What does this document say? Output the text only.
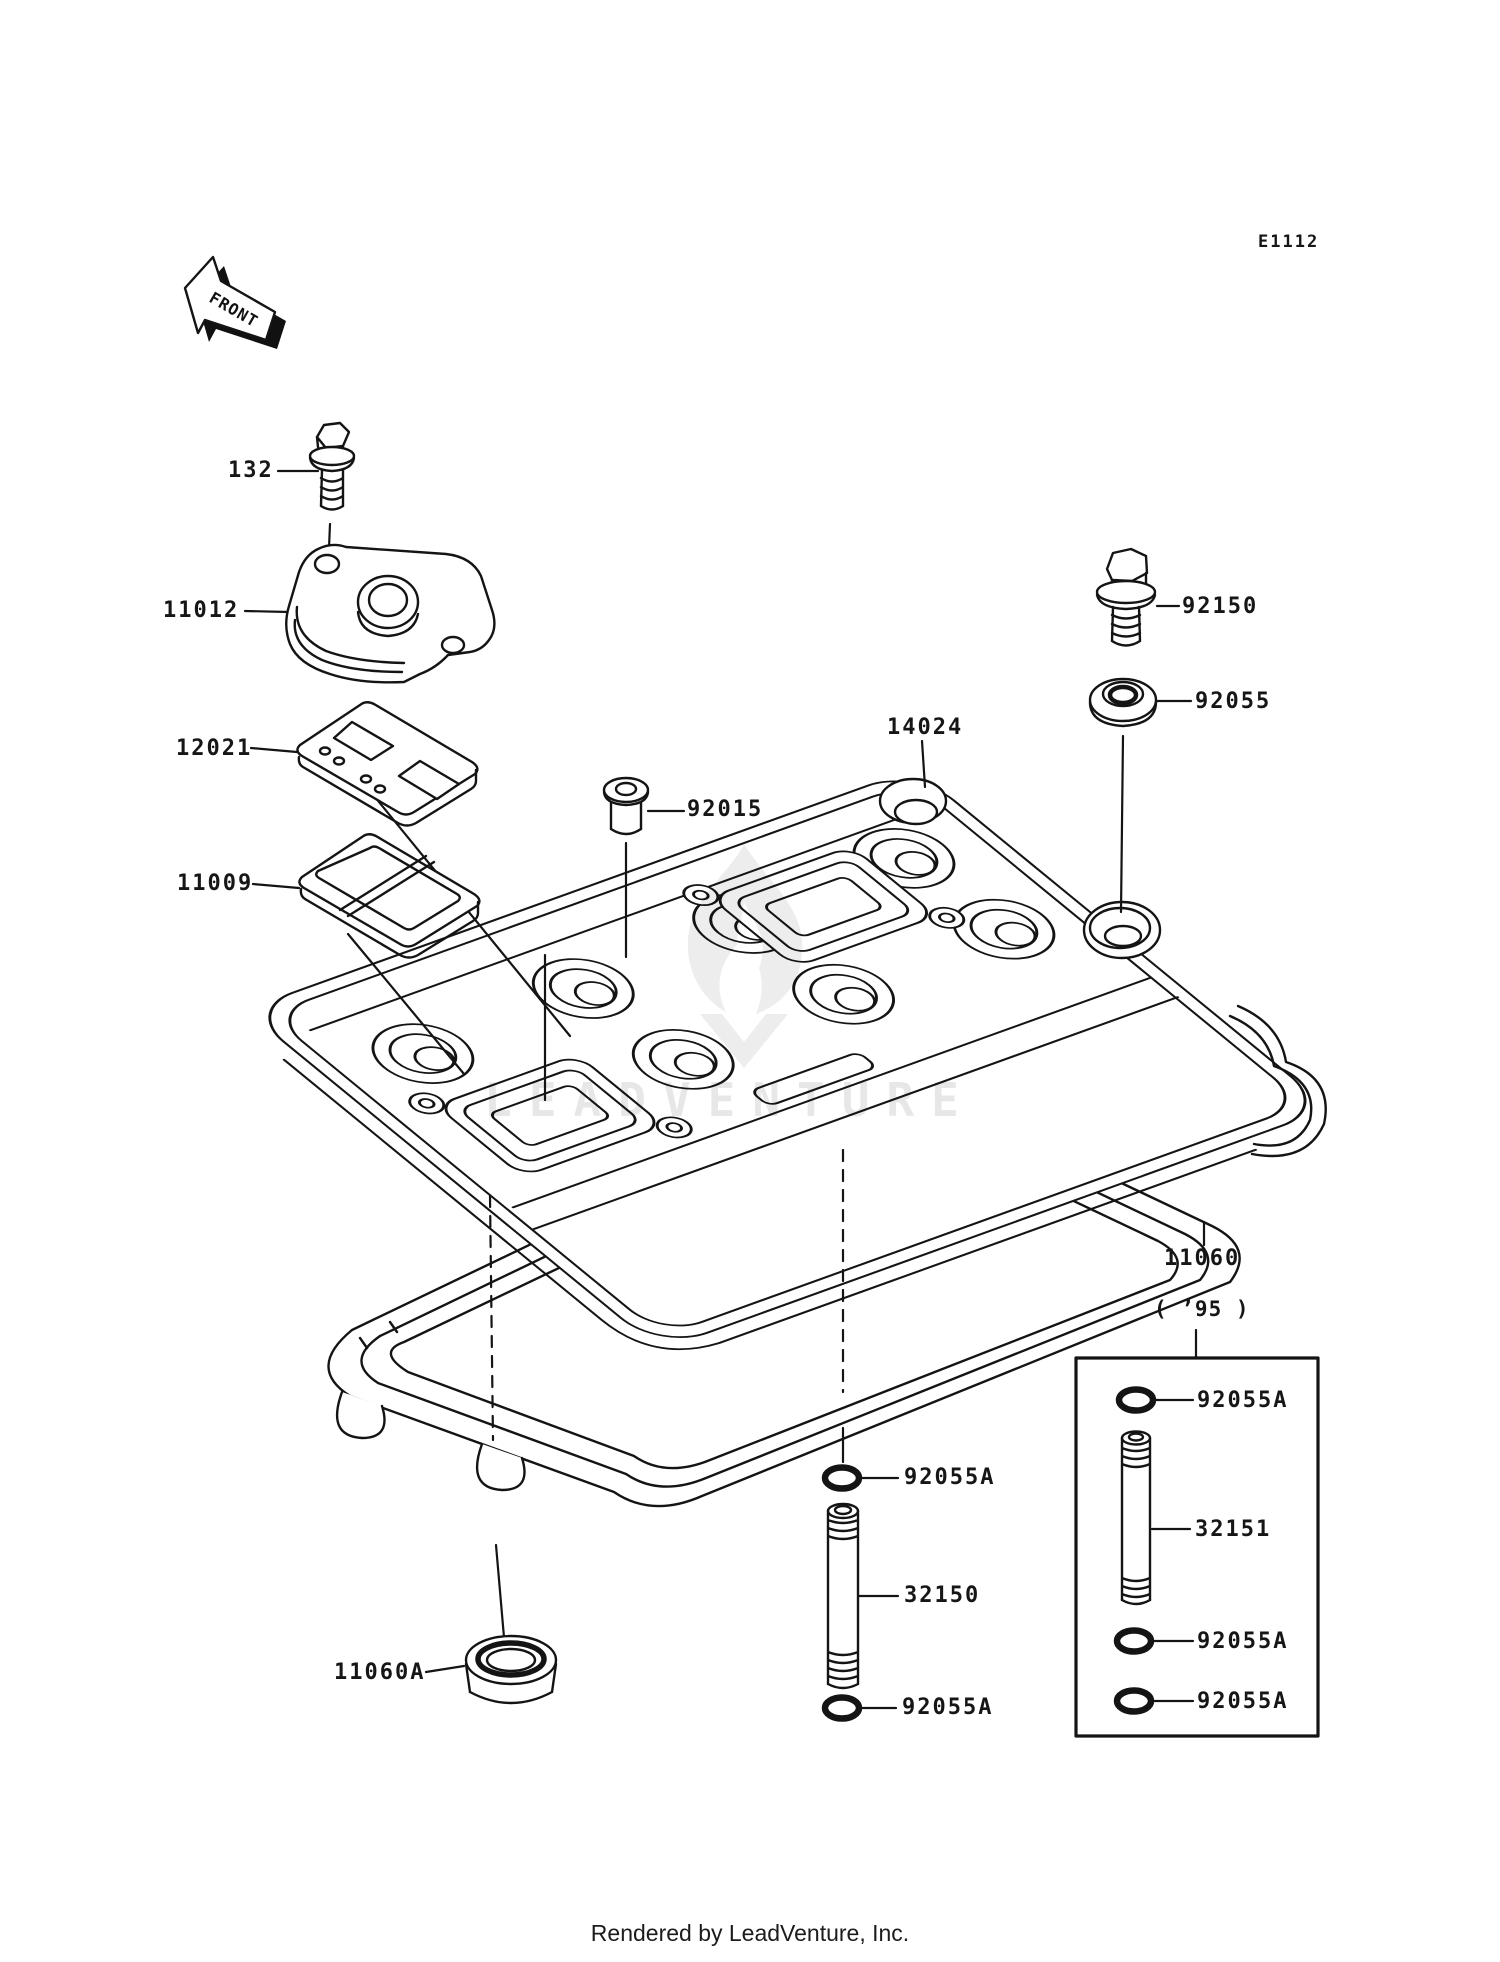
FRONT
LEADVENTURE
E1112
132
11012
12021
11009
92015
14024
92150
92055
11060
92055A
32150
92055A
11060A
( ’95 )
92055A
32151
92055A
92055A
Rendered by LeadVenture, Inc.
